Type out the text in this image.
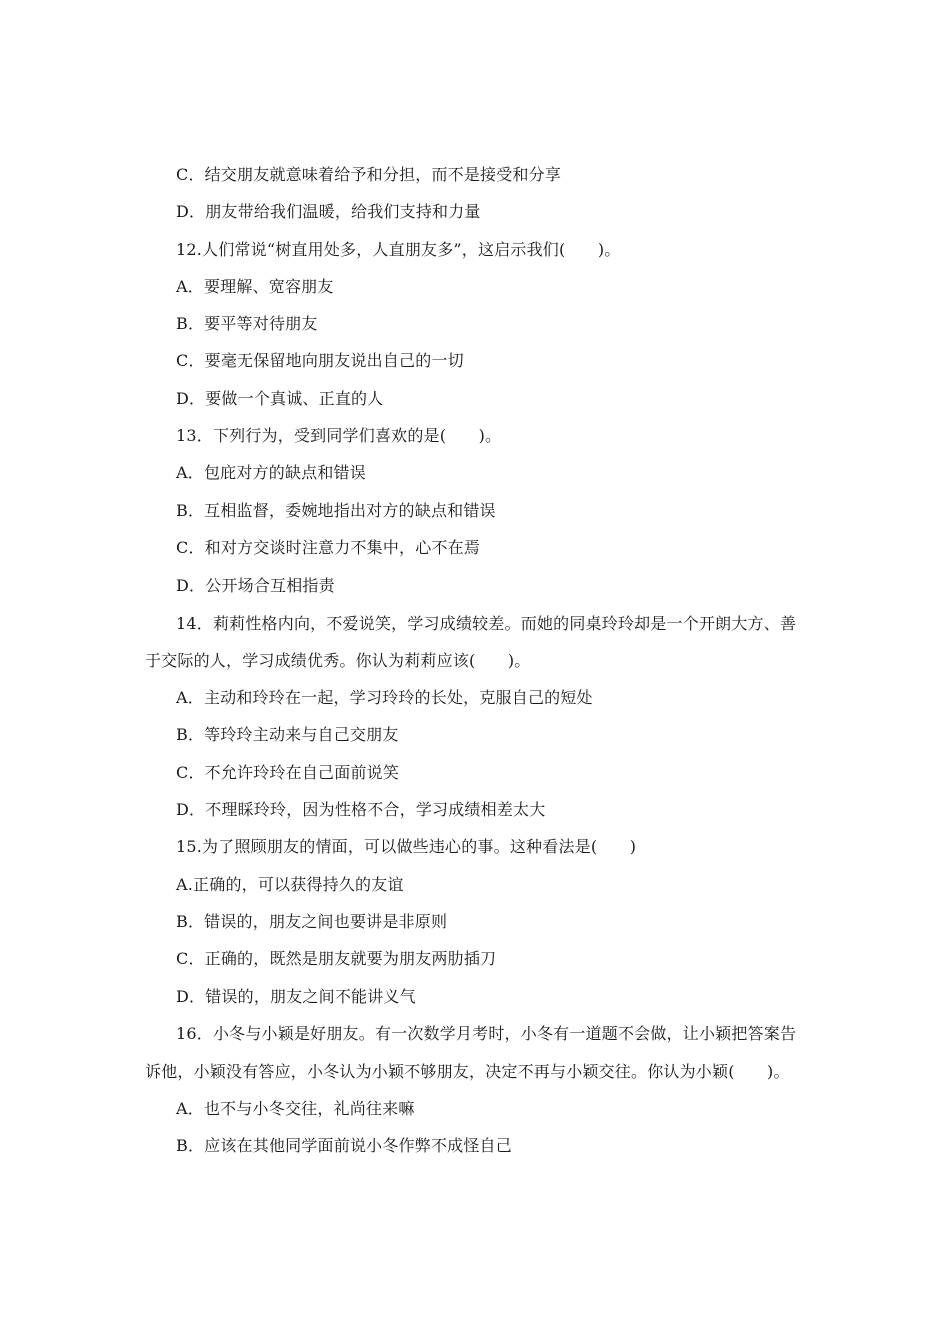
C．结交朋友就意味着给予和分担，而不是接受和分享
D．朋友带给我们温暖，给我们支持和力量
12.人们常说“树直用处多，人直朋友多”，这启示我们(　　)。
A．要理解、宽容朋友
B．要平等对待朋友
C．要毫无保留地向朋友说出自己的一切
D．要做一个真诚、正直的人
13．下列行为，受到同学们喜欢的是(　　)。
A．包庇对方的缺点和错误
B．互相监督，委婉地指出对方的缺点和错误
C．和对方交谈时注意力不集中，心不在焉
D．公开场合互相指责
14．莉莉性格内向，不爱说笑，学习成绩较差。而她的同桌玲玲却是一个开朗大方、善
于交际的人，学习成绩优秀。你认为莉莉应该(　　)。
A．主动和玲玲在一起，学习玲玲的长处，克服自己的短处
B．等玲玲主动来与自己交朋友
C．不允许玲玲在自己面前说笑
D．不理睬玲玲，因为性格不合，学习成绩相差太大
15.为了照顾朋友的情面，可以做些违心的事。这种看法是(　　)
A.正确的，可以获得持久的友谊
B．错误的，朋友之间也要讲是非原则
C．正确的，既然是朋友就要为朋友两肋插刀
D．错误的，朋友之间不能讲义气
16．小冬与小颖是好朋友。有一次数学月考时，小冬有一道题不会做，让小颖把答案告
诉他，小颖没有答应，小冬认为小颖不够朋友，决定不再与小颖交往。你认为小颖(　　)。
A．也不与小冬交往，礼尚往来嘛
B．应该在其他同学面前说小冬作弊不成怪自己
